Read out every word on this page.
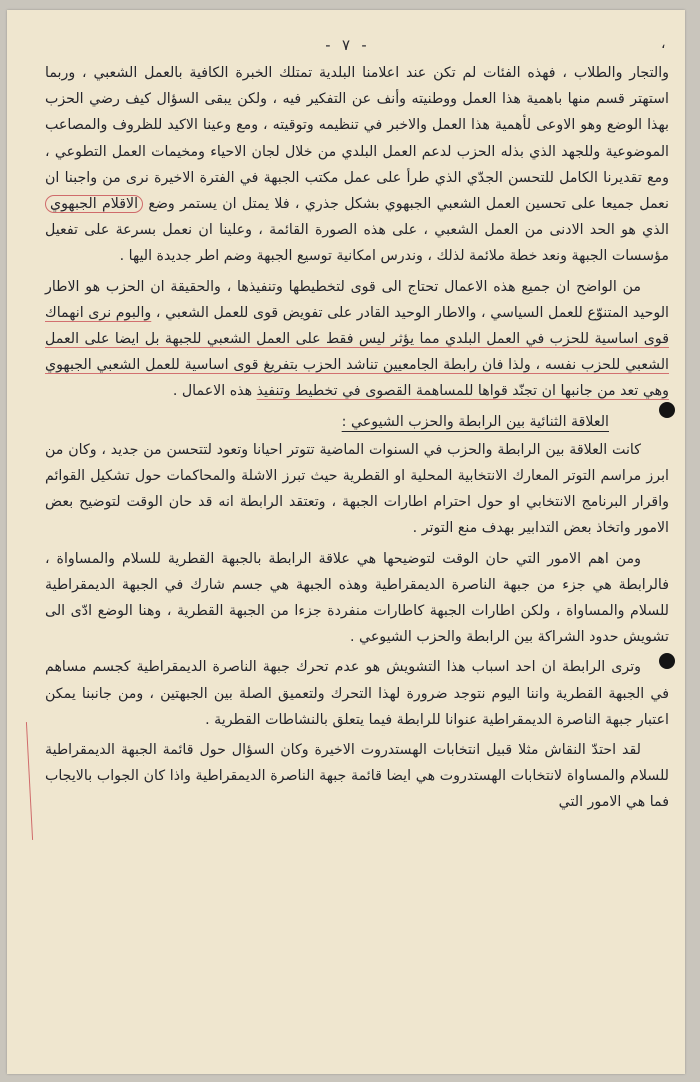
،
- ٧ -

والتجار والطلاب ، فهذه الفئات لم تكن عند اعلامنا البلدية تمتلك الخبرة الكافية بالعمل الشعبي ، وربما استهتر قسم منها باهمية هذا العمل ووطنيته وأنف عن التفكير فيه ، ولكن يبقى السؤال كيف رضي الحزب بهذا الوضع وهو الاوعى لأهمية هذا العمل والاخبر في تنظيمه وتوقيته ، ومع وعينا الاكيد للظروف والمصاعب الموضوعية وللجهد الذي بذله الحزب لدعم العمل البلدي من خلال لجان الاحياء ومخيمات العمل التطوعي ، ومع تقديرنا الكامل للتحسن الجدّي الذي طرأ على عمل مكتب الجبهة في الفترة الاخيرة نرى من واجبنا ان نعمل جميعا على تحسين العمل الشعبي الجبهوي بشكل جذري ، فلا يمتل ان يستمر وضع الاقلام الجبهوي الذي هو الحد الادنى من العمل الشعبي ، على هذه الصورة القائمة ، وعلينا ان نعمل بسرعة على تفعيل مؤسسات الجبهة ونعد خطة ملائمة لذلك ، وندرس امكانية توسيع الجبهة وضم اطر جديدة اليها .

من الواضح ان جميع هذه الاعمال تحتاج الى قوى لتخطيطها وتنفيذها ، والحقيقة ان الحزب هو الاطار الوحيد المتنوّع للعمل السياسي ، والاطار الوحيد القادر على تفويض قوى للعمل الشعبي ، والبوم نرى انهماك قوى اساسية للحزب في العمل البلدي مما يؤثر ليس فقط على العمل الشعبي للجبهة بل ايضا على العمل الشعبي للحزب نفسه ، ولذا فان رابطة الجامعيين تناشد الحزب بتفريغ قوى اساسية للعمل الشعبي الجبهوي وهي تعد من جانبها ان تجنّد قواها للمساهمة القصوى في تخطيط وتنفيذ هذه الاعمال .

العلاقة الثنائية بين الرابطة والحزب الشيوعي :

كانت العلاقة بين الرابطة والحزب في السنوات الماضية تتوتر احيانا وتعود لتتحسن من جديد ، وكان من ابرز مراسم التوتر المعارك الانتخابية المحلية او القطرية حيث تبرز الاشلة والمحاكمات حول تشكيل القوائم واقرار البرنامج الانتخابي او حول احترام اطارات الجبهة ، وتعتقد الرابطة انه قد حان الوقت لتوضيح بعض الامور واتخاذ بعض التدابير بهدف منع التوتر .

ومن اهم الامور التي حان الوقت لتوضيحها هي علاقة الرابطة بالجبهة القطرية للسلام والمساواة ، فالرابطة هي جزء من جبهة الناصرة الديمقراطية وهذه الجبهة هي جسم شارك في الجبهة الديمقراطية للسلام والمساواة ، ولكن اطارات الجبهة كاطارات منفردة جزءا من الجبهة القطرية ، وهنا الوضع ادّى الى تشويش حدود الشراكة بين الرابطة والحزب الشيوعي .

وترى الرابطة ان احد اسباب هذا التشويش هو عدم تحرك جبهة الناصرة الديمقراطية كجسم مساهم في الجبهة القطرية واننا اليوم نتوجد ضرورة لهذا التحرك ولتعميق الصلة بين الجبهتين ، ومن جانبنا يمكن اعتبار جبهة الناصرة الديمقراطية عنوانا للرابطة فيما يتعلق بالنشاطات القطرية .

لقد احتدّ النقاش مثلا قبيل انتخابات الهستدروت الاخيرة وكان السؤال حول قائمة الجبهة الديمقراطية للسلام والمساواة لانتخابات الهستدروت هي ايضا قائمة جبهة الناصرة الديمقراطية واذا كان الجواب بالايجاب فما هي الامور التي
